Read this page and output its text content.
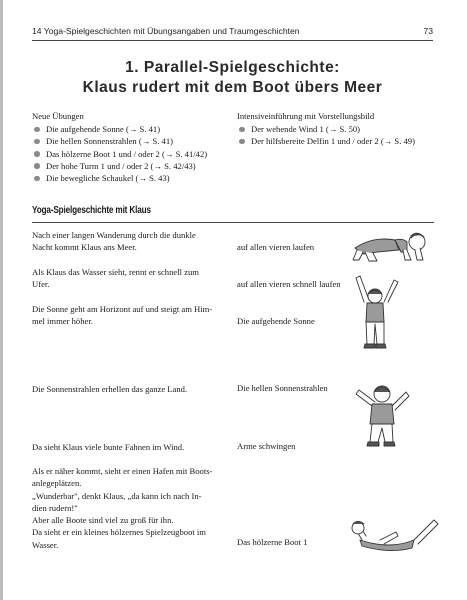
14 Yoga-Spielgeschichten mit Übungsangaben und Traumgeschichten	73
1. Parallel-Spielgeschichte:
Klaus rudert mit dem Boot übers Meer
Neue Übungen
Die aufgehende Sonne (→ S. 41)
Die hellen Sonnenstrahlen (→ S. 41)
Das hölzerne Boot 1 und / oder 2 (→ S. 41/42)
Der hohe Turm 1 und / oder 2 (→ S. 42/43)
Die bewegliche Schaukel (→ S. 43)
Intensiveinführung mit Vorstellungsbild
Der wehende Wind 1 (→ S. 50)
Der hilfsbereite Delfin 1 und / oder 2 (→ S. 49)
Yoga-Spielgeschichte mit Klaus
Nach einer langen Wanderung durch die dunkle
Nacht kommt Klaus ans Meer.	auf allen vieren laufen
Als Klaus das Wasser sieht, rennt er schnell zum
Ufer.	auf allen vieren schnell laufen
Die Sonne geht am Horizont auf und steigt am Him-
mel immer höher.	Die aufgehende Sonne
Die Sonnenstrahlen erhellen das ganze Land.	Die hellen Sonnenstrahlen
Da sieht Klaus viele bunte Fahnen im Wind.	Arme schwingen
Als er näher kommt, sieht er einen Hafen mit Boots-
anlegeplätzen.
„Wunderbar", denkt Klaus, „da kann ich nach In-
dien rudern!"
Aber alle Boote sind viel zu groß für ihn.
Da sieht er ein kleines hölzernes Spielzeugboot im
Wasser.	Das hölzerne Boot 1
